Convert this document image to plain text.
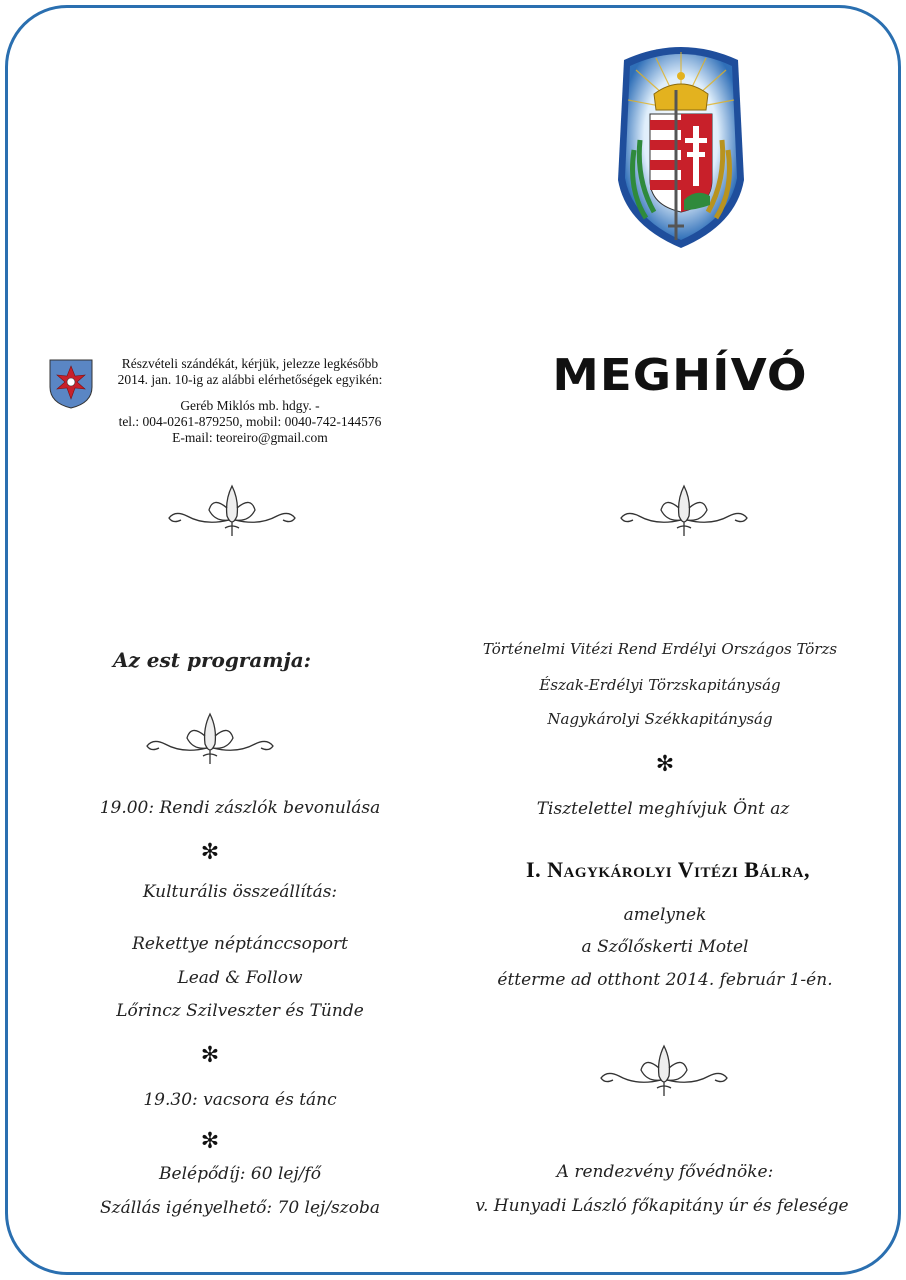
Részvételi szándékát, kérjük, jelezze legkésőbb
2014. jan. 10-ig az alábbi elérhetőségek egyikén:
Geréb Miklós mb. hdgy. -
tel.: 004-0261-879250, mobil: 0040-742-144576
E-mail: teoreiro@gmail.com
MEGHÍVÓ
Az est programja:
19.00: Rendi zászlók bevonulása
✻
Kulturális összeállítás:
Rekettye néptánccsoport
Lead & Follow
Lőrincz Szilveszter és Tünde
✻
19.30: vacsora és tánc
✻
Belépődíj: 60 lej/fő
Szállás igényelhető: 70 lej/szoba
Történelmi Vitézi Rend Erdélyi Országos Törzs
Észak-Erdélyi Törzskapitányság
Nagykárolyi Székkapitányság
✻
Tisztelettel meghívjuk Önt az
I. Nagykárolyi Vitézi Bálra,
amelynek
a Szőlőskerti Motel
étterme ad otthont 2014. február 1-én.
A rendezvény fővédnöke:
v. Hunyadi László főkapitány úr és felesége
